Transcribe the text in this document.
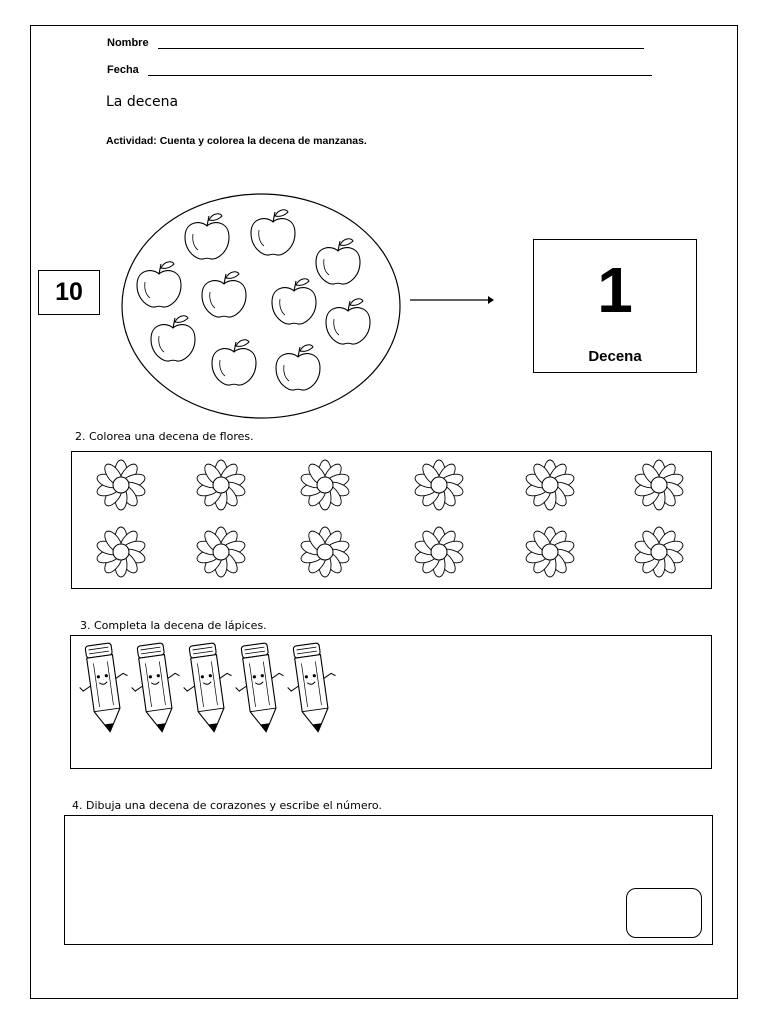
Nombre
Fecha
La decena
Actividad: Cuenta y colorea la decena de manzanas.
10	1
Decena
2. Colorea una decena de flores.
3. Completa la decena de lápices.
4. Dibuja una decena de corazones y escribe el número.
